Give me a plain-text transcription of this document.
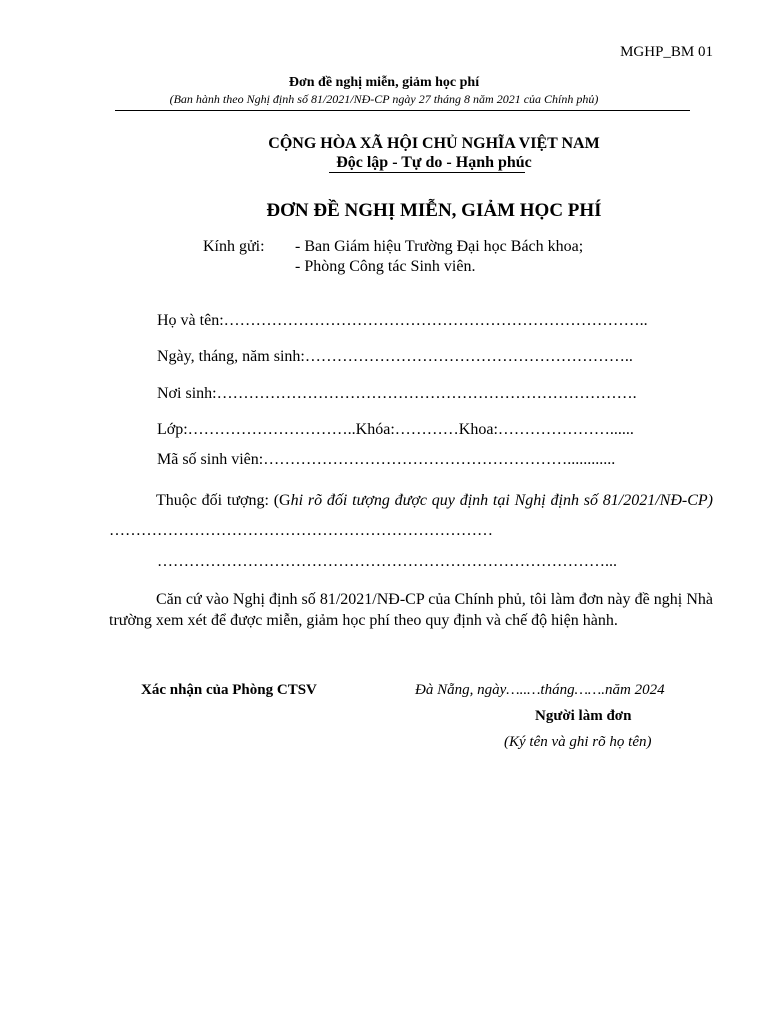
MGHP_BM 01
Đơn đề nghị miễn, giảm học phí
(Ban hành theo Nghị định số 81/2021/NĐ-CP ngày 27 tháng 8 năm 2021 của Chính phủ)
CỘNG HÒA XÃ HỘI CHỦ NGHĨA VIỆT NAM
Độc lập - Tự do - Hạnh phúc
ĐƠN ĐỀ NGHỊ MIỄN, GIẢM HỌC PHÍ
Kính gửi: - Ban Giám hiệu Trường Đại học Bách khoa;
- Phòng Công tác Sinh viên.
Họ và tên:……………………………………………………………………..
Ngày, tháng, năm sinh:……………………………………………………..
Nơi sinh:…………………………………………………………………….
Lớp:…………………………..Khóa:…………Khoa:…………………......
Mã số sinh viên:…………………………………………………............
Thuộc đối tượng: (Ghi rõ đối tượng được quy định tại Nghị định số 81/2021/NĐ-CP) ………………………………………………………………
…………………………………………………………………………...

Căn cứ vào Nghị định số 81/2021/NĐ-CP của Chính phủ, tôi làm đơn này đề nghị Nhà trường xem xét để được miễn, giảm học phí theo quy định và chế độ hiện hành.

Xác nhận của Phòng CTSV	Đà Nẵng, ngày…..…tháng…….năm 2024
Người làm đơn
(Ký tên và ghi rõ họ tên)
